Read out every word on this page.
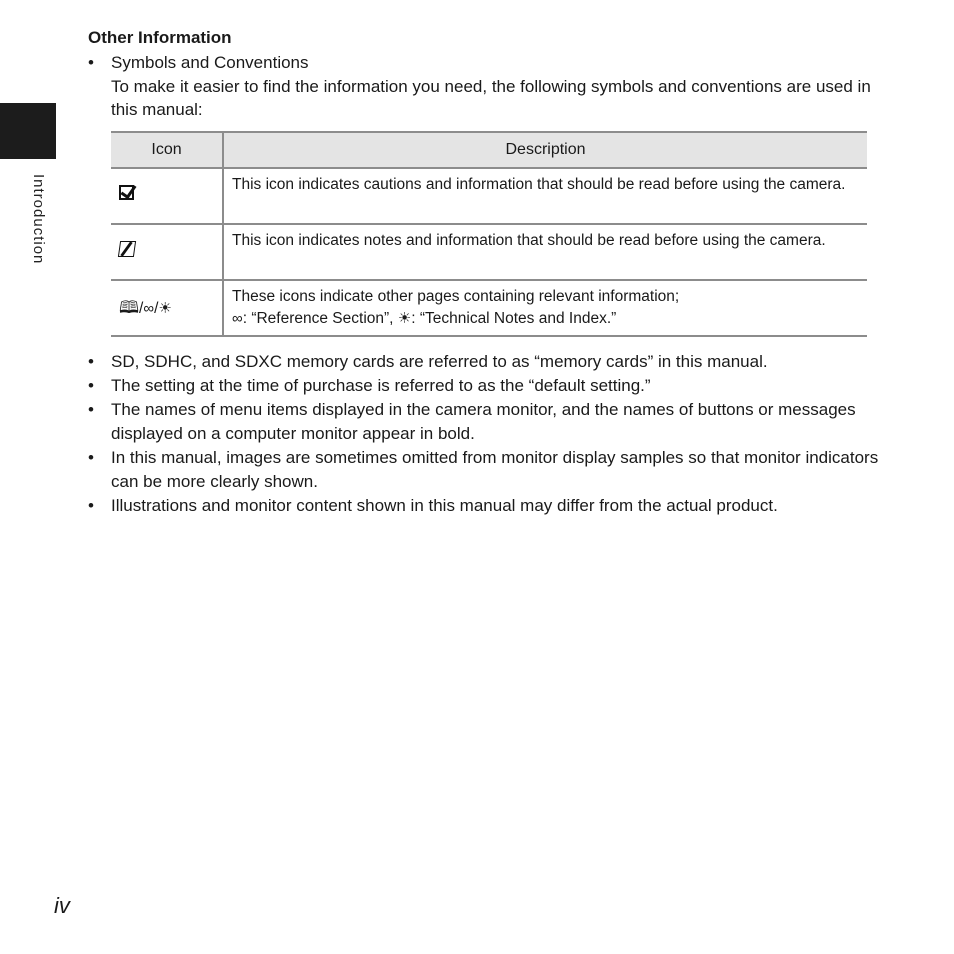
Introduction
Other Information
•	Symbols and Conventions
To make it easier to find the information you need, the following symbols and conventions are used in this manual:
Icon	Description
	This icon indicates cautions and information that should be read before using the camera.
	This icon indicates notes and information that should be read before using the camera.
🕮/∞/☀	These icons indicate other pages containing relevant information;
∞: “Reference Section”, ☀: “Technical Notes and Index.”
•	SD, SDHC, and SDXC memory cards are referred to as “memory cards” in this manual.
•	The setting at the time of purchase is referred to as the “default setting.”
•	The names of menu items displayed in the camera monitor, and the names of buttons or messages displayed on a computer monitor appear in bold.
•	In this manual, images are sometimes omitted from monitor display samples so that monitor indicators can be more clearly shown.
•	Illustrations and monitor content shown in this manual may differ from the actual product.
iv
